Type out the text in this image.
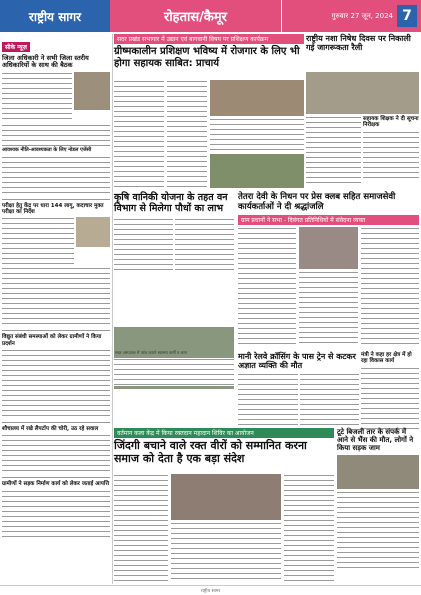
राष्ट्रीय सागर	रोहतास/कैमूर	गुरुवार 27 जून, 2024 7
सीके न्यूज़
जिला अधिकारी ने सभी जिला स्तरीय अधिकारियों के साथ की बैठक
आवश्यक नीति-आवश्यकता के लिए नोडल एजेंसी
परीक्षा हेतु केंद्र पर धारा 144 लागू, कदाचार मुक्त परीक्षा का निर्देश
विद्युत संबंधी समस्याओं को लेकर ग्रामीणों ने किया प्रदर्शन
शौचालय में रखे लैपटॉप की चोरी, उठ रहे सवाल
ग्रामीणों ने सड़क निर्माण कार्य को लेकर जताई आपत्ति
सदर प्रखंड सभागार में उद्यान एवं बागवानी विषय पर प्रशिक्षण कार्यक्रम
ग्रीष्मकालीन प्रशिक्षण भविष्य में रोजगार के लिए भी होगा सहायक साबित: प्राचार्य
राष्ट्रीय नशा निषेध दिवस पर निकाली गई जागरूकता रैली
सहायक शिक्षक ने दी सूचना निरीक्षक
कृषि वानिकी योजना के तहत वन विभाग से मिलेगा पौधों का लाभ
सदर अस्पताल में जांच कराते स्वास्थ्य कर्मी व अन्य
तेतरा देवी के निधन पर प्रेस क्लब सहित समाजसेवी कार्यकर्ताओं ने दी श्रद्धांजलि
ग्राम प्रधानों ने सभा - दिवंगत प्रतिनिधियों में संवेदना व्यक्त
मानी रेलवे क्रॉसिंग के पास ट्रेन से कटकर अज्ञात व्यक्ति की मौत
मंत्री ने कहा हर क्षेत्र में हो रहा विकास कार्य
वर्तमान कला केंद्र में किया रक्तदान महादान शिविर का आयोजन
जिंदगी बचाने वाले रक्त वीरों को सम्मानित करना समाज को देता है एक बड़ा संदेश
टूटे बिजली तार के संपर्क में आने से भैंस की मौत, लोगों ने किया सड़क जाम
राष्ट्रीय सागर
